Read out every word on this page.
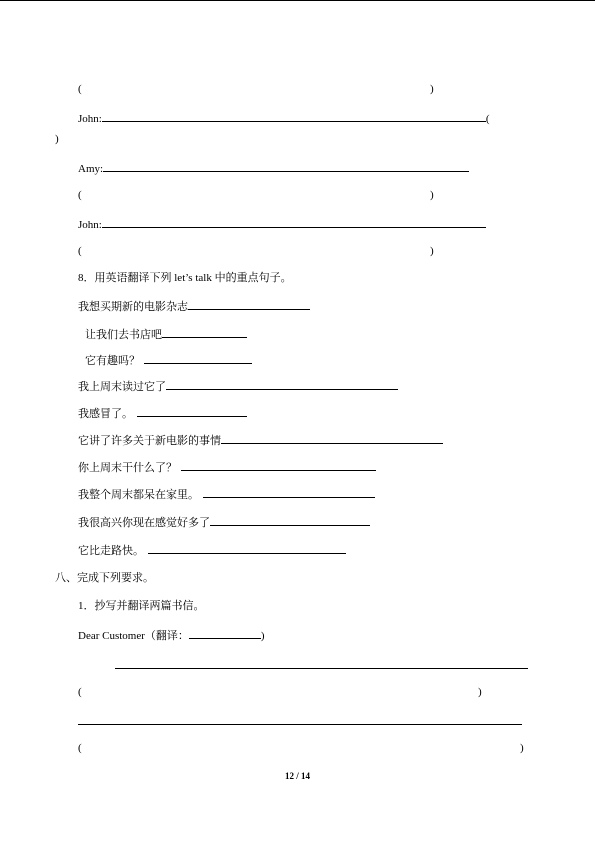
(	)
John:	(
)
Amy:
(	)
John:
(	)
8．用英语翻译下列 let’s talk 中的重点句子。
我想买期新的电影杂志
让我们去书店吧
它有趣吗？
我上周末读过它了
我感冒了。
它讲了许多关于新电影的事情
你上周末干什么了？
我整个周末都呆在家里。
我很高兴你现在感觉好多了
它比走路快。
八、完成下列要求。
1．抄写并翻译两篇书信。
Dear Customer（翻译：	)
(	)
(	)
12 / 14
